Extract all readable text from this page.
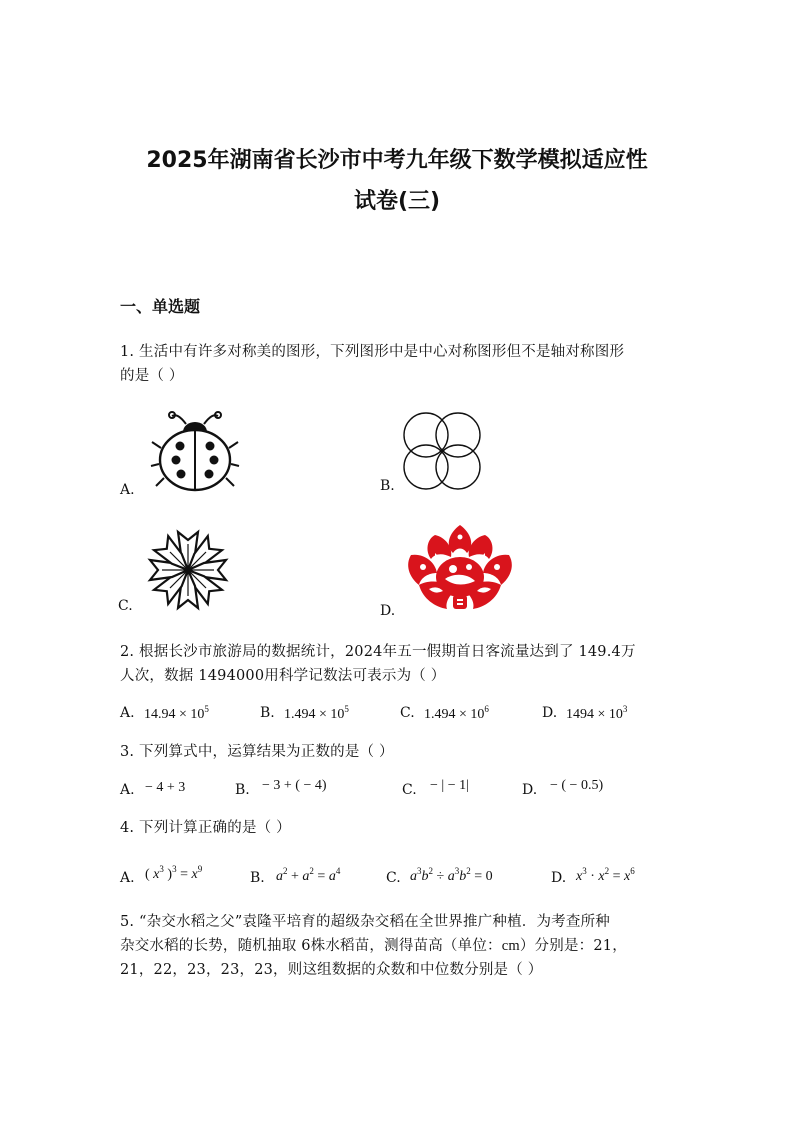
2025年湖南省长沙市中考九年级下数学模拟适应性
试卷(三)
一、单选题
1. 生活中有许多对称美的图形，下列图形中是中心对称图形但不是轴对称图形
的是（ ）
A.	B.
C.	D.
2. 根据长沙市旅游局的数据统计，2024年五一假期首日客流量达到了 149.4万
人次，数据 1494000用科学记数法可表示为（ ）
A. $14.94 \times 10^5$	B. $1.494 \times 10^5$	C. $1.494 \times 10^6$	D. $1494 \times 10^3$
3. 下列算式中，运算结果为正数的是（ ）
A. − 4 + 3	B. − 3 + ( − 4)	C. − | − 1|	D. − ( − 0.5)
4. 下列计算正确的是（ ）
A. ( $x^3$ )$^3 = x^9$
B. $a^2 + a^2 = a^4$	C. $a^3b^2 \div a^3b^2 = 0$	D. $x^3 \cdot x^2 = x^6$
5. “杂交水稻之父”袁隆平培育的超级杂交稻在全世界推广种植．为考查所种
杂交水稻的长势，随机抽取 6株水稻苗，测得苗高（单位：cm）分别是：21，
21，22，23，23，23，则这组数据的众数和中位数分别是（ ）
